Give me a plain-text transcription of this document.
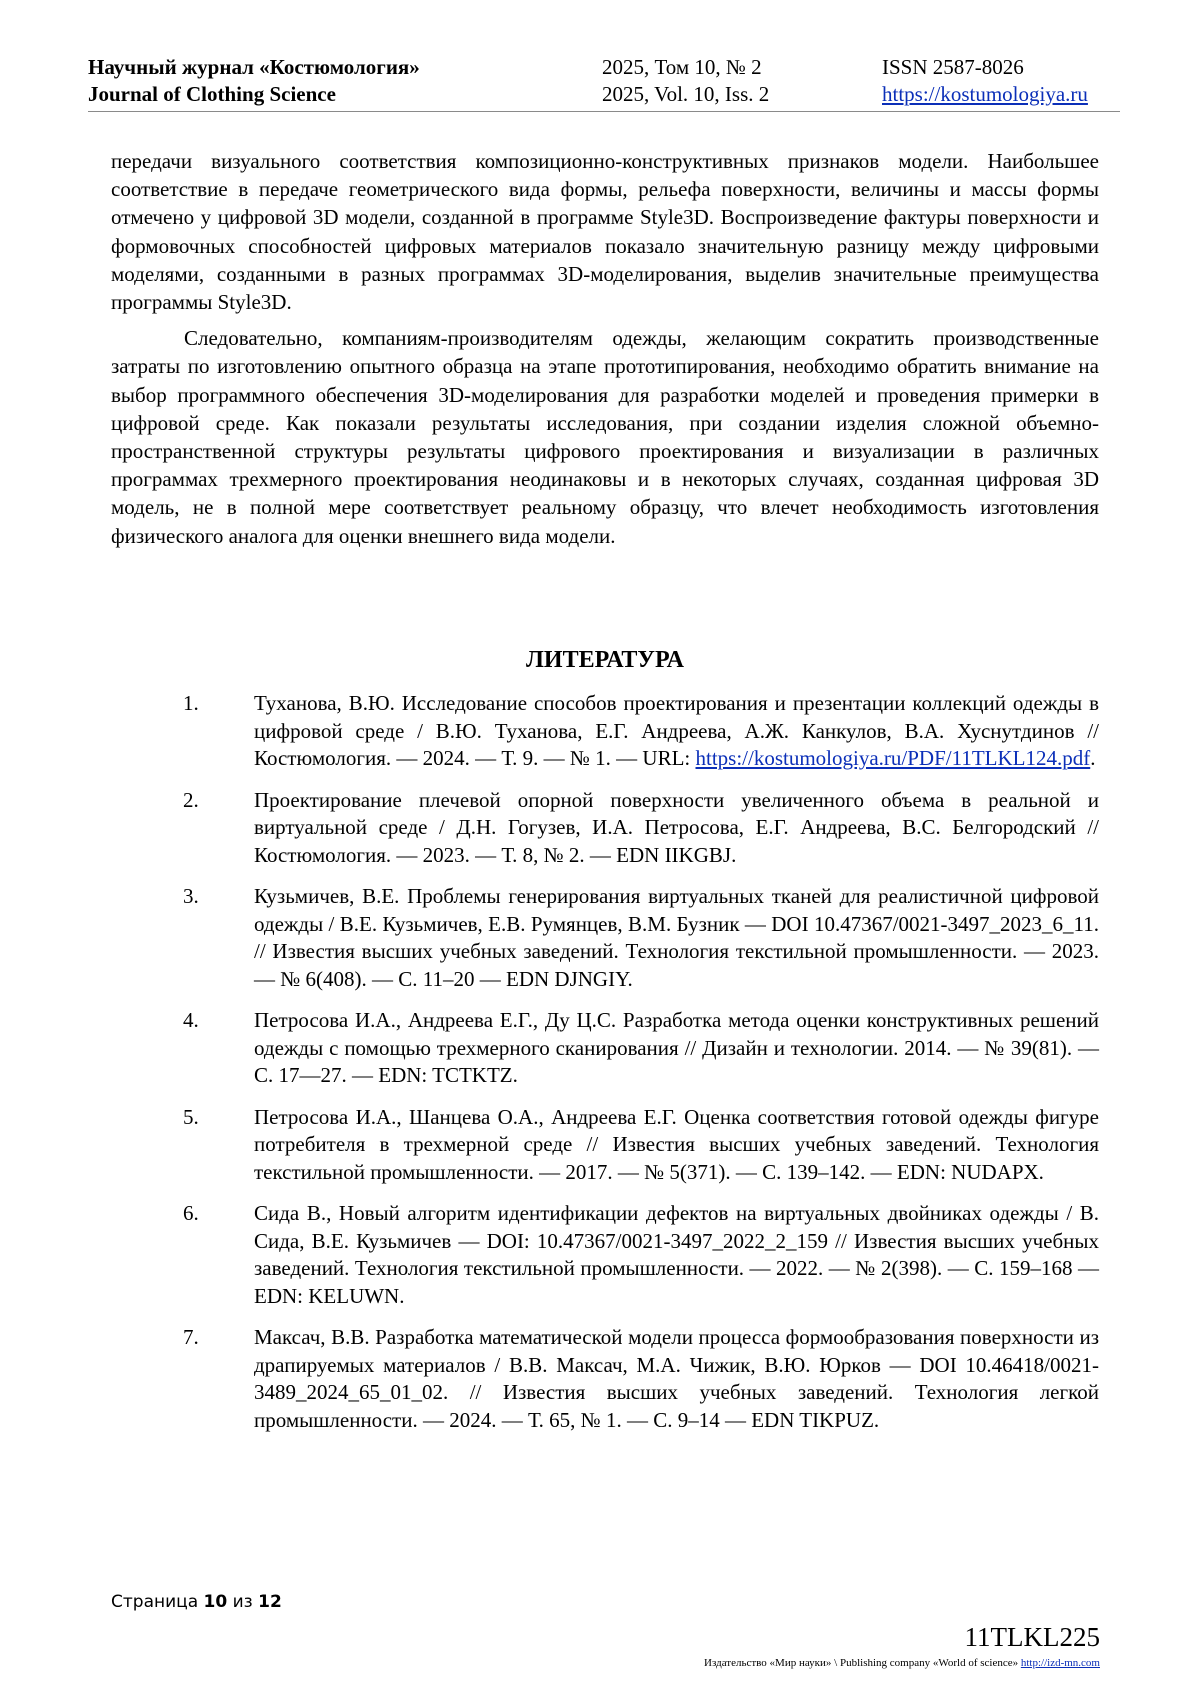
Научный журнал «Костюмология»
Journal of Clothing Science
2025, Том 10, № 2
2025, Vol. 10, Iss. 2
ISSN 2587-8026
https://kostumologiya.ru

передачи визуального соответствия композиционно-конструктивных признаков модели. Наибольшее соответствие в передаче геометрического вида формы, рельефа поверхности, величины и массы формы отмечено у цифровой 3D модели, созданной в программе Style3D. Воспроизведение фактуры поверхности и формовочных способностей цифровых материалов показало значительную разницу между цифровыми моделями, созданными в разных программах 3D-моделирования, выделив значительные преимущества программы Style3D.

Следовательно, компаниям-производителям одежды, желающим сократить производственные затраты по изготовлению опытного образца на этапе прототипирования, необходимо обратить внимание на выбор программного обеспечения 3D-моделирования для разработки моделей и проведения примерки в цифровой среде. Как показали результаты исследования, при создании изделия сложной объемно-пространственной структуры результаты цифрового проектирования и визуализации в различных программах трехмерного проектирования неодинаковы и в некоторых случаях, созданная цифровая 3D модель, не в полной мере соответствует реальному образцу, что влечет необходимость изготовления физического аналога для оценки внешнего вида модели.

ЛИТЕРАТУРА
1.	Туханова, В.Ю. Исследование способов проектирования и презентации коллекций одежды в цифровой среде / В.Ю. Туханова, Е.Г. Андреева, А.Ж. Канкулов, В.А. Хуснутдинов // Костюмология. — 2024. — Т. 9. — № 1. — URL: https://kostumologiya.ru/PDF/11TLKL124.pdf.
2.	Проектирование плечевой опорной поверхности увеличенного объема в реальной и виртуальной среде / Д.Н. Гогузев, И.А. Петросова, Е.Г. Андреева, В.С. Белгородский // Костюмология. — 2023. — Т. 8, № 2. — EDN IIKGBJ.
3.	Кузьмичев, В.Е. Проблемы генерирования виртуальных тканей для реалистичной цифровой одежды / В.Е. Кузьмичев, Е.В. Румянцев, В.М. Бузник — DOI 10.47367/0021-3497_2023_6_11. // Известия высших учебных заведений. Технология текстильной промышленности. — 2023. — № 6(408). — С. 11–20 — EDN DJNGIY.
4.	Петросова И.А., Андреева Е.Г., Ду Ц.С. Разработка метода оценки конструктивных решений одежды с помощью трехмерного сканирования // Дизайн и технологии. 2014. — № 39(81). — С. 17—27. — EDN: TCTKTZ.
5.	Петросова И.А., Шанцева О.А., Андреева Е.Г. Оценка соответствия готовой одежды фигуре потребителя в трехмерной среде // Известия высших учебных заведений. Технология текстильной промышленности. — 2017. — № 5(371). — С. 139–142. — EDN: NUDAPX.
6.	Сида В., Новый алгоритм идентификации дефектов на виртуальных двойниках одежды / В. Сида, В.Е. Кузьмичев — DOI: 10.47367/0021-3497_2022_2_159 // Известия высших учебных заведений. Технология текстильной промышленности. — 2022. — № 2(398). — С. 159–168 — EDN: KELUWN.
7.	Максач, В.В. Разработка математической модели процесса формообразования поверхности из драпируемых материалов / В.В. Максач, М.А. Чижик, В.Ю. Юрков — DOI 10.46418/0021-3489_2024_65_01_02. // Известия высших учебных заведений. Технология легкой промышленности. — 2024. — Т. 65, № 1. — С. 9–14 — EDN TIKPUZ.
Страница 10 из 12
11TLKL225
Издательство «Мир науки» \ Publishing company «World of science» http://izd-mn.com
